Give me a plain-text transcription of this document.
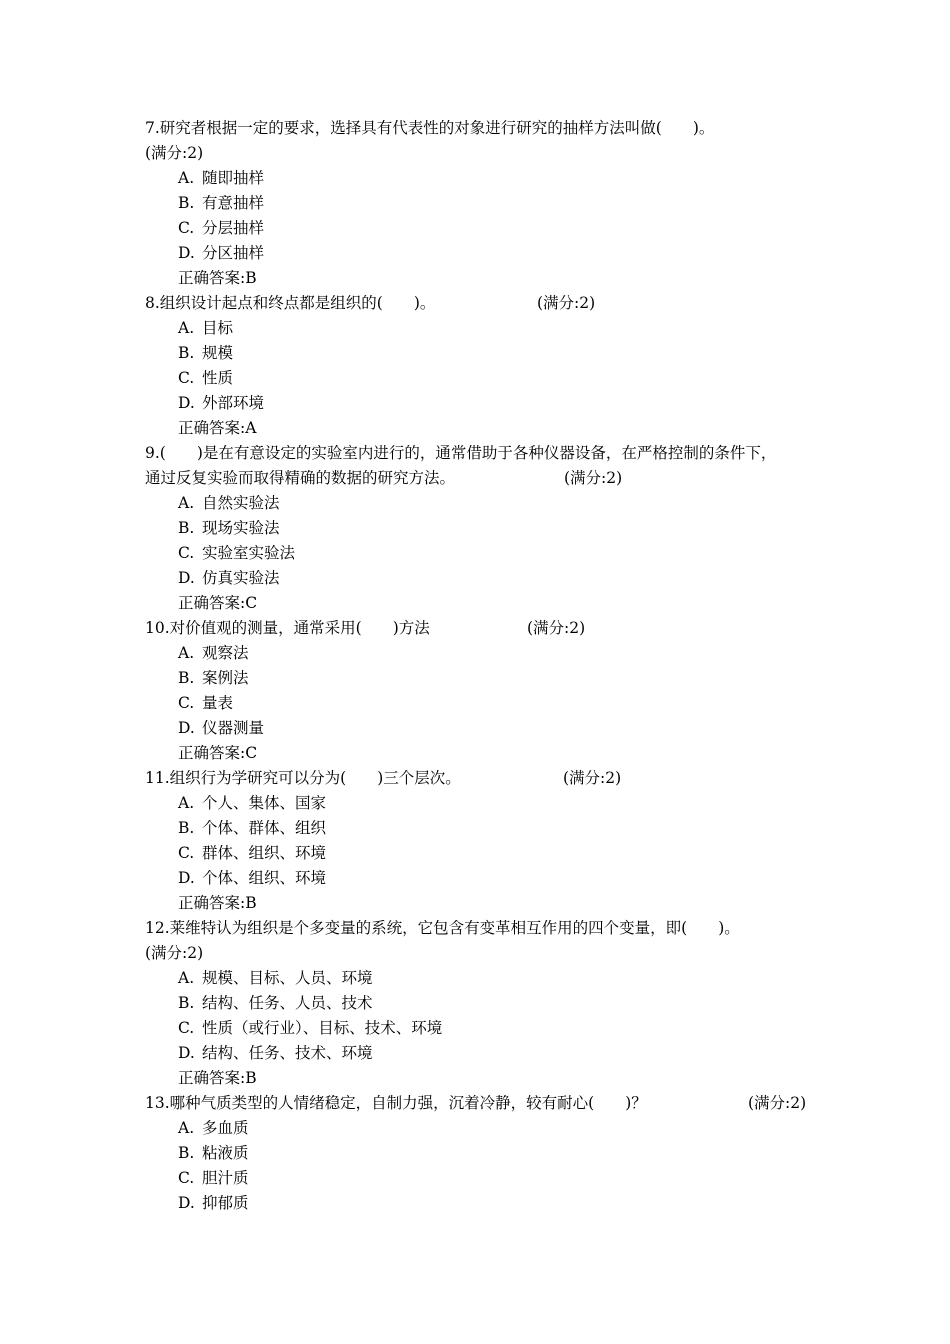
7.研究者根据一定的要求，选择具有代表性的对象进行研究的抽样方法叫做(　　)。
(满分:2)
A. 随即抽样
B. 有意抽样
C. 分层抽样
D. 分区抽样
正确答案:B
8.组织设计起点和终点都是组织的(　　)。	(满分:2)
A. 目标
B. 规模
C. 性质
D. 外部环境
正确答案:A
9.(　　)是在有意设定的实验室内进行的，通常借助于各种仪器设备，在严格控制的条件下，
通过反复实验而取得精确的数据的研究方法。	(满分:2)
A. 自然实验法
B. 现场实验法
C. 实验室实验法
D. 仿真实验法
正确答案:C
10.对价值观的测量，通常采用(　　)方法	(满分:2)
A. 观察法
B. 案例法
C. 量表
D. 仪器测量
正确答案:C
11.组织行为学研究可以分为(　　)三个层次。	(满分:2)
A. 个人、集体、国家
B. 个体、群体、组织
C. 群体、组织、环境
D. 个体、组织、环境
正确答案:B
12.莱维特认为组织是个多变量的系统，它包含有变革相互作用的四个变量，即(　　)。
(满分:2)
A. 规模、目标、人员、环境
B. 结构、任务、人员、技术
C. 性质（或行业）、目标、技术、环境
D. 结构、任务、技术、环境
正确答案:B
13.哪种气质类型的人情绪稳定，自制力强，沉着冷静，较有耐心(　　)？	(满分:2)
A. 多血质
B. 粘液质
C. 胆汁质
D. 抑郁质
